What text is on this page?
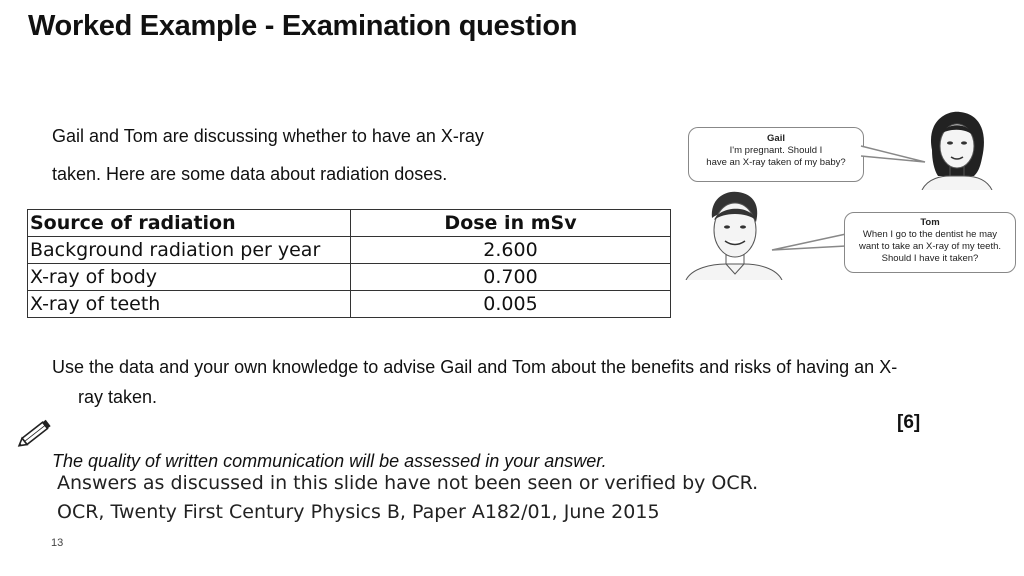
Worked Example - Examination question
Gail and Tom are discussing whether to have an X-ray
taken. Here are some data about radiation doses.
Source of radiation	Dose in mSv
Background radiation per year	2.600
X-ray of body	0.700
X-ray of teeth	0.005
Gail
I'm pregnant. Should I
have an X-ray taken of my baby?
Tom
When I go to the dentist he may
want to take an X-ray of my teeth.
Should I have it taken?
Use the data and your own knowledge to advise Gail and Tom about the benefits and risks of having an X-
ray taken.
[6]
The quality of written communication will be assessed in your answer.
Answers as discussed in this slide have not been seen or verified by OCR.
OCR, Twenty First Century Physics B, Paper A182/01, June 2015
13
